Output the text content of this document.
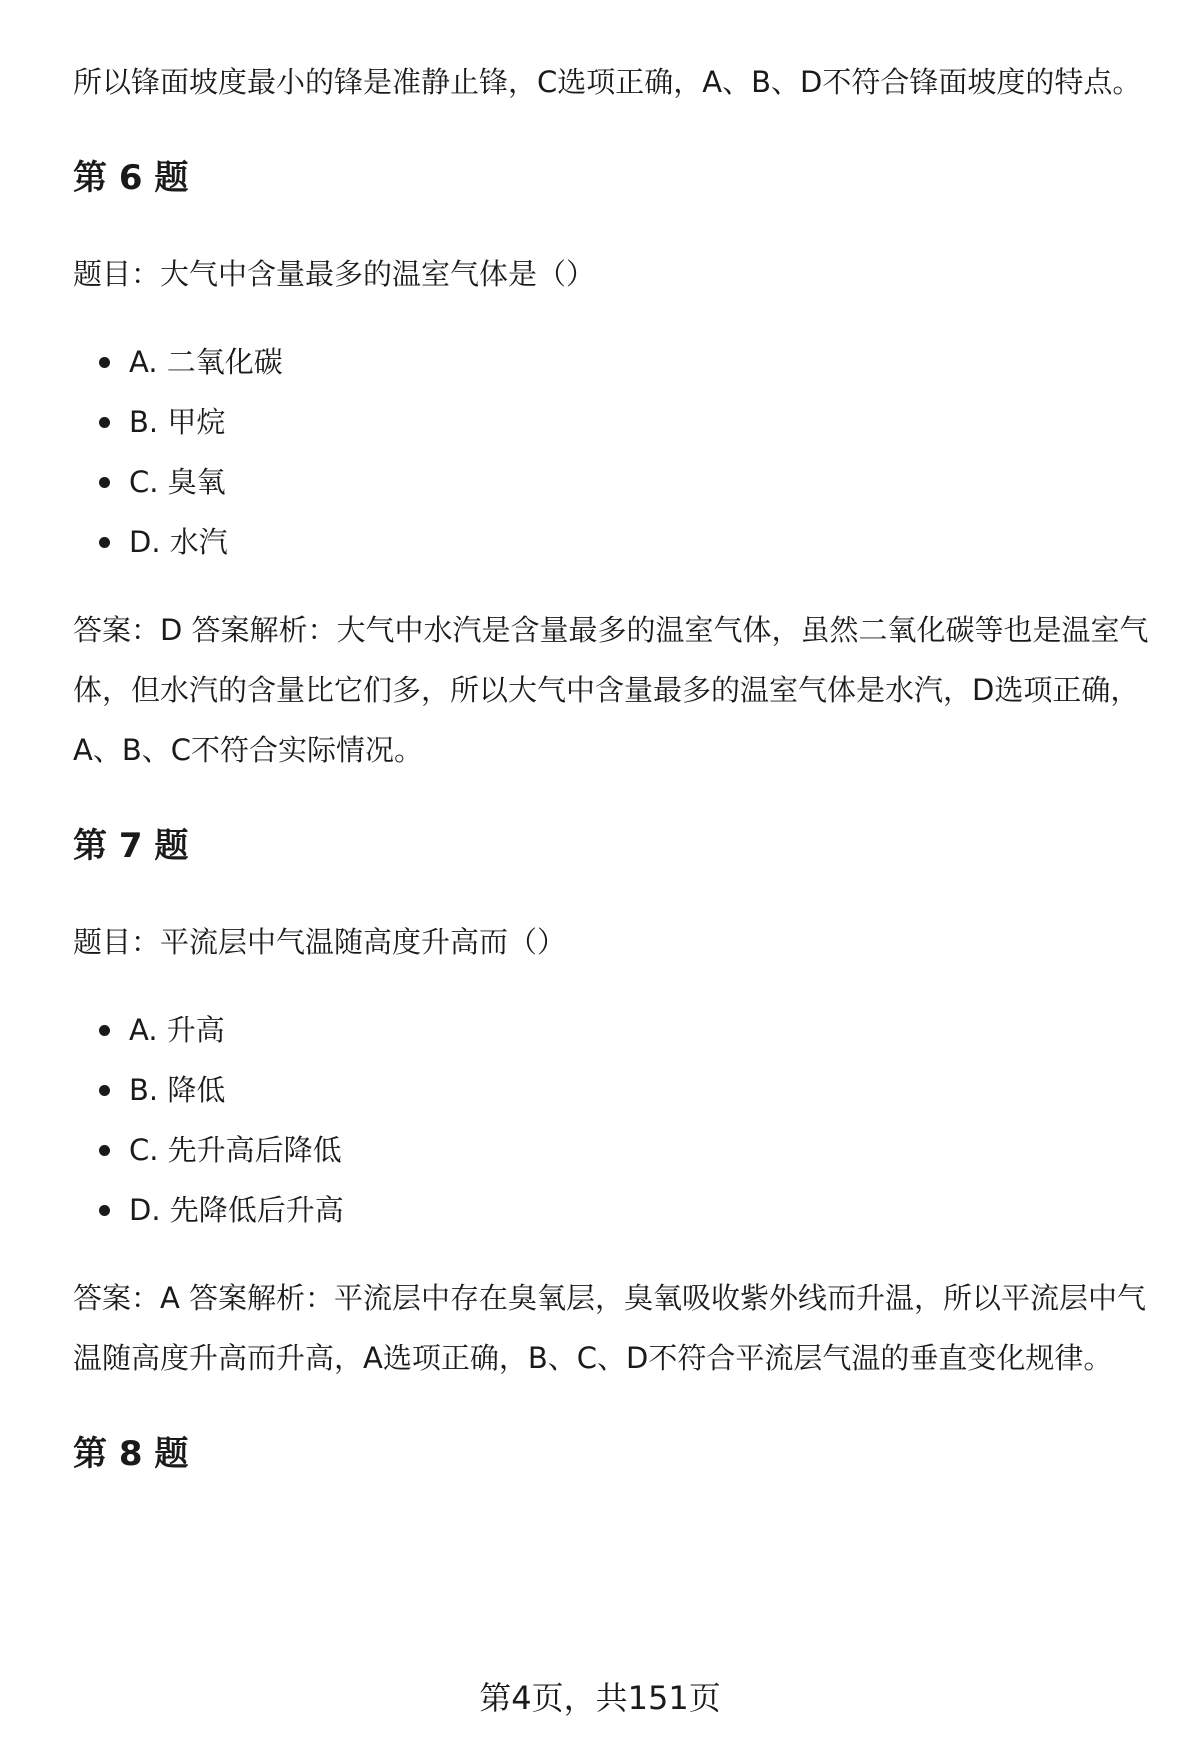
所以锋面坡度最小的锋是准静止锋，C选项正确，A、B、D不符合锋面坡度的特点。

第 6 题

题目：大气中含量最多的温室气体是（）

A. 二氧化碳
B. 甲烷
C. 臭氧
D. 水汽

答案：D 答案解析：大气中水汽是含量最多的温室气体，虽然二氧化碳等也是温室气体，但水汽的含量比它们多，所以大气中含量最多的温室气体是水汽，D选项正确，A、B、C不符合实际情况。

第 7 题

题目：平流层中气温随高度升高而（）

A. 升高
B. 降低
C. 先升高后降低
D. 先降低后升高

答案：A 答案解析：平流层中存在臭氧层，臭氧吸收紫外线而升温，所以平流层中气温随高度升高而升高，A选项正确，B、C、D不符合平流层气温的垂直变化规律。

第 8 题
第4页，共151页
